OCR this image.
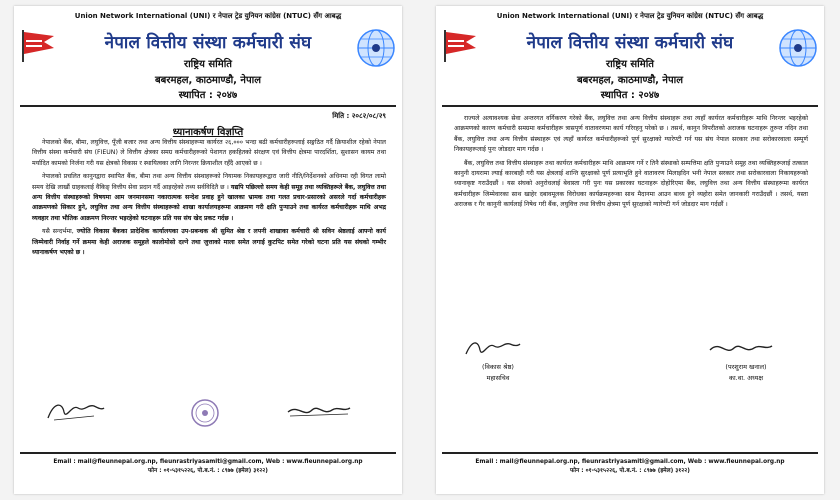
Union Network International (UNI) र नेपाल ट्रेड युनियन कांग्रेस (NTUC) सँग आबद्ध
नेपाल वित्तीय संस्था कर्मचारी संघ
राष्ट्रिय समिति
बबरमहल, काठमाण्डौ, नेपाल
स्थापित : २०४७
मिति : २०८२/०८/२९
ध्यानाकर्षण विज्ञप्ति

नेपालको बैंक, बीमा, लघुवित्त, पूँजी बजार तथा अन्य वित्तीय संस्थाहरूमा कार्यरत २६,००० भन्दा बढी कर्मचारीहरूलाई सङ्गठित गर्दै क्रियाशील रहेको नेपाल वित्तीय संस्था कर्मचारी संघ (FIEUN) ले वित्तीय क्षेत्रका समग्र कर्मचारीहरूको पेशागत हकहितको संरक्षण एवं वित्तीय क्षेत्रमा पारदर्शिता, सुशासन कायम तथा मर्यादित कामको निर्जना गरी यस क्षेत्रको विकास र स्थायित्वका लागि निरन्तर क्रियाशील रहँदै आएको छ ।

नेपालको प्रचलित कानुनद्वारा स्थापित बैंक, बीमा तथा अन्य वित्तीय संस्थाहरूको नियामक निकायहरूद्वारा जारी नीति/निर्देशनको अधिनमा रही विगत लामो समय देखि लाखौं ग्राहकलाई वैकिङ्‍ वित्तीय सेवा प्रदान गर्दै आइरहेको तथ्य सर्वविदितै छ । यद्यपि पछिल्लो समय केही समूह तथा व्यक्तिहरूले बैंक, लघुवित्त तथा अन्य वित्तीय संस्थाहरूको विषयमा आम जनमानसमा नकारात्मक सन्देश प्रवाह हुने खालका भ्रामक तथा गलत प्रचार-प्रसारको असरले गर्दा कर्मचारीहरू आक्रमणको सिकार हुने, लघुवित्त तथा अन्य वित्तीय संस्थाहरूको शाखा कार्यालयहरूमा आक्रमण गरी क्षति पुऱ्याउने तथा कार्यरत कर्मचारीहरू माथि अभद्र व्यवहार तथा भौतिक आक्रमण निरन्तर भइरहेको घटनाहरू प्रति यस संघ खेद प्रकट गर्दछ ।

यसै सन्दर्भमा, ज्योति विकास बैंकका प्रादेशिक कार्यालयका उप-प्रबन्धक श्री सुमित श्रेष्ठ र लपनी शाखाका कर्मचारी श्री सविन श्रेष्ठलाई आफ्नो कार्य जिम्मेवारी निर्वाह गर्ने क्रममा केही अराजक समूहले कालोमोसो दल्ने तथा जुत्ताको माला समेत लगाई कुटपिट समेत गरेको घटना प्रति यस संघको गम्भीर ध्यानाकर्षण भएको छ ।

Email : mail@fieunnepal.org.np, fieunrastriyasamiti@gmail.com, Web : www.fieunnepal.org.np
फोन : ०१-५३१५२२६, पो.ब.नं. : ८९७७ (इमेल) ३१२२)
Union Network International (UNI) र नेपाल ट्रेड युनियन कांग्रेस (NTUC) सँग आबद्ध
नेपाल वित्तीय संस्था कर्मचारी संघ
राष्ट्रिय समिति
बबरमहल, काठमाण्डौ, नेपाल
स्थापित : २०४७

राज्यले अत्यावश्यक सेवा अन्तरगत वर्गिकरण गरेको बैंक, लघुवित्त तथा अन्य वित्तीय संस्थाहरू तथा त्यहाँ कार्यरत कर्मचारीहरू माथि निरन्तर भइरहेको आक्रमणको कारण कर्मचारी समग्रमा कर्मचारीहरू त्रासपूर्ण वातावरणमा कार्य गरिरहनु परेको छ । तसर्थ, कानुन विपरीतको अराजक घटनाहरू तुरुन्त नदिन तथा बैंक, लघुवित्त तथा अन्य वित्तीय संस्थाहरू एवं त्यहाँ कार्यरत कर्मचारीहरूको पूर्ण सुरक्षाको ग्यारेण्टी गर्न यस संघ नेपाल सरकार तथा सरोकारवाला सम्पूर्ण निकायहरूलाई पुनः जोडदार माग गर्दछ ।

बैंक, लघुवित्त तथा वित्तीय संस्थाहरू तथा कार्यरत कर्मचारीहरू माथि आक्रमण गर्ने र तिनै संस्थाको सम्पत्तिमा क्षति पुऱ्याउने समूह तथा व्यक्तिहरूलाई तत्काल कानुनी दायरामा ल्याई कारबाही गरी यस क्षेत्रलाई शान्ति सुरक्षाको पूर्ण प्रत्याभूति हुने वातावरण मिलाइदिन भनी नेपाल सरकार तथा सरोकारवाला निकायहरूको ध्यानाकृष्ट गराउँदछौं । यस संघको अनुरोधलाई बेवास्ता गरी पुनः यस प्रकारका घटनाहरू दोहोरिएमा बैंक, लघुवित्त तथा अन्य वित्तीय संस्थाहरूमा कार्यरत कर्मचारीहरू जिम्मेवारका साथ खाहेर दबावमूलक विरोधका कार्यक्रमहरूका साथ मैदानमा आउन बाध्य हुने व्यहोरा समेत जानकारी गराउँदछौं । तसर्थ, यस्ता अराजक र गैर कानुनी कार्यलाई निषेध गरी बैंक, लघुवित्त तथा वित्तीय क्षेत्रमा पूर्ण सुरक्षाको ग्यारेण्टी गर्न जोडदार माग गर्दछौं ।

(विकास श्रेष्ठ)
महासचिव
(परशुराम खनाल)
का.वा. अध्यक्ष
Email : mail@fieunnepal.org.np, fieunrastriyasamiti@gmail.com, Web : www.fieunnepal.org.np
फोन : ०१-५३१५२२६, पो.ब.नं. : ८९७७ (इमेल) ३१२२)
